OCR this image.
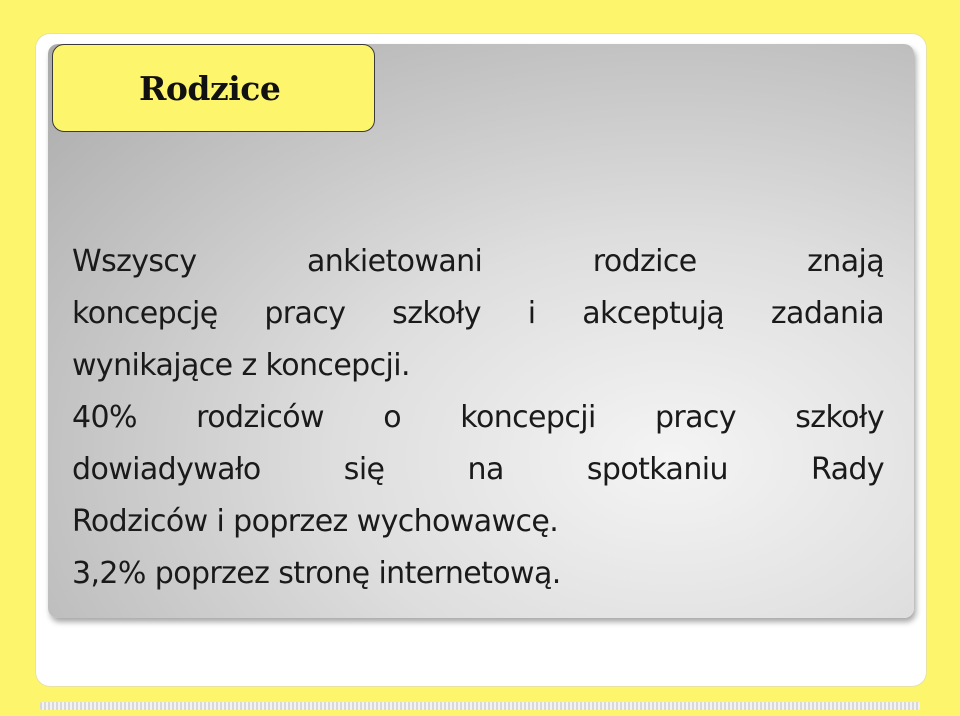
Rodzice
Wszyscy ankietowani rodzice znają
koncepcję pracy szkoły i akceptują zadania
wynikające z koncepcji.
40% rodziców o koncepcji pracy szkoły
dowiadywało się na spotkaniu Rady
Rodziców i poprzez wychowawcę.
3,2% poprzez stronę internetową.
